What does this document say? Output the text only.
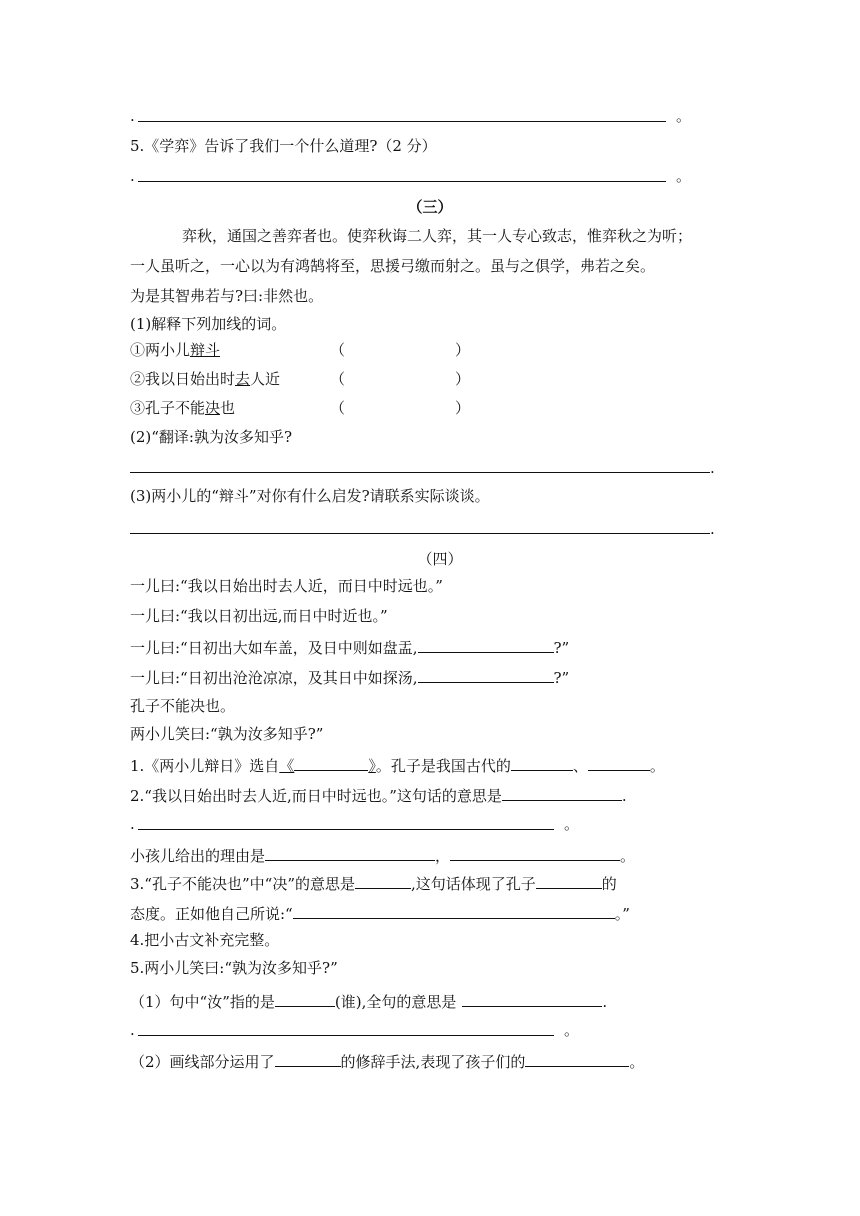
.	。
5.《学弈》告诉了我们一个什么道理?（2 分）
.	。
（三）
弈秋，通国之善弈者也。使弈秋诲二人弈，其一人专心致志，惟弈秋之为听；
一人虽听之，一心以为有鸿鹄将至，思援弓缴而射之。虽与之俱学，弗若之矣。
为是其智弗若与?曰:非然也。
(1)解释下列加线的词。
①两小儿辩斗	（	）
②我以日始出时去人近	（	）
③孔子不能决也	（	）
(2)“翻译:孰为汝多知乎?
.
(3)两小儿的“辩斗”对你有什么启发?请联系实际谈谈。
.
（四）
一儿曰:“我以日始出时去人近，而日中时远也。”
一儿曰:“我以日初出远,而日中时近也。”
一儿曰:“日初出大如车盖，及日中则如盘盂,	?”
一儿曰:“日初出沧沧凉凉，及其日中如探汤,	?”
孔子不能决也。
两小儿笑曰:“孰为汝多知乎?”
1.《两小儿辩日》选自《	》。孔子是我国古代的	、	。
2.“我以日始出时去人近,而日中时远也。”这句话的意思是	.
.	。
小孩儿给出的理由是	，	。
3.“孔子不能决也”中“决”的意思是	,这句话体现了孔子	的
态度。正如他自己所说:“	。”
4.把小古文补充完整。
5.两小儿笑曰:“孰为汝多知乎?”
（1）句中“汝”指的是	(谁),全句的意思是	.
.	。
（2）画线部分运用了	的修辞手法,表现了孩子们的	。
